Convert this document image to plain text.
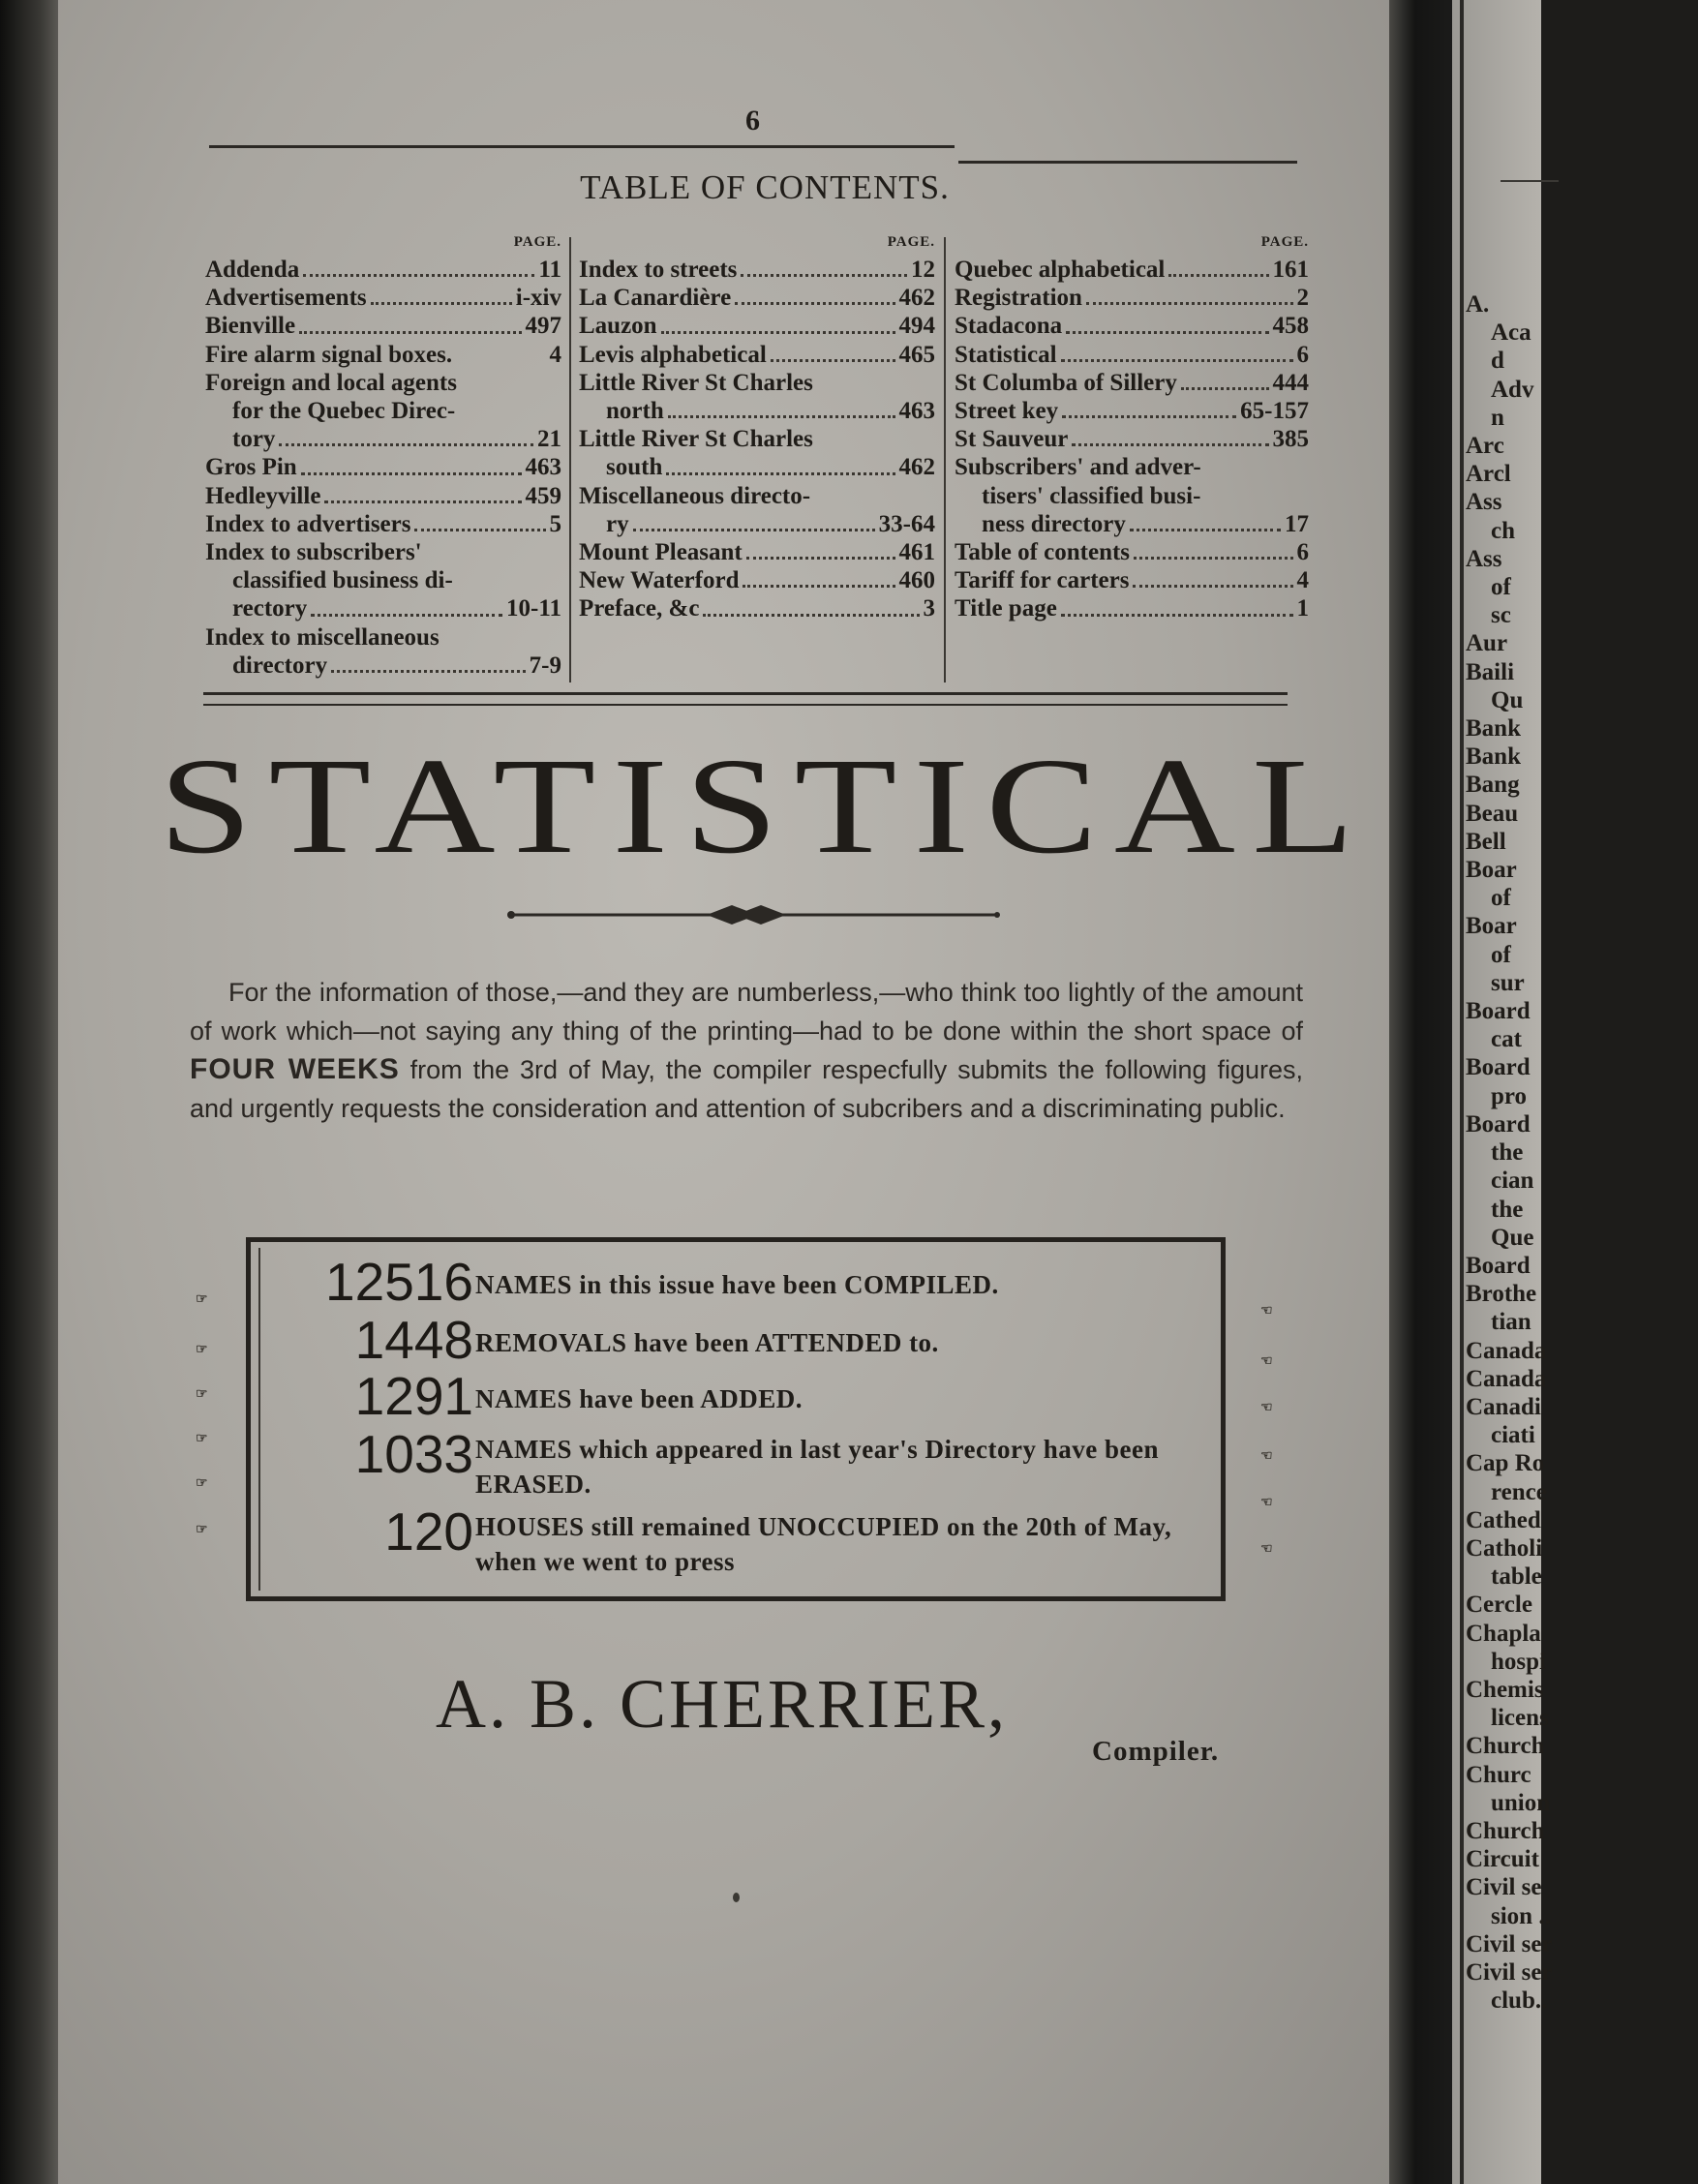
A.
Aca
d
Adv
n
Arc
Arcl
Ass
ch
Ass
of
sc
Aur
Baili
Qu
Bank
Bank
Bang
Beau
Bell
Boar
of
Boar
of
sur
Board
cat
Board
pro
Board
the
cian
the
Que
Board
Brothe
tian
Canada
Canada
Canadi
ciati
Cap Ro
rence
Cathed
Catholi
table
Cercle
Chapla
hospi
Chemis
licens
Church
Churc
union
Church
Circuit
Civil se
sion ..
Civil ser
Civil ser
club..
6
TABLE OF CONTENTS.
PAGE.
Addenda	11
Advertisements	i-xiv
Bienville	497
Fire alarm signal boxes.	4
Foreign and local agents
for the Quebec Direc-
tory	21
Gros Pin	463
Hedleyville	459
Index to advertisers	5
Index to subscribers'
classified business di-
rectory	10-11
Index to miscellaneous
directory	7-9
PAGE.
Index to streets	12
La Canardière	462
Lauzon	494
Levis alphabetical	465
Little River St Charles
north	463
Little River St Charles
south	462
Miscellaneous directo-
ry	33-64
Mount Pleasant	461
New Waterford	460
Preface, &c	3
PAGE.
Quebec alphabetical	161
Registration	2
Stadacona	458
Statistical	6
St Columba of Sillery	444
Street key	65-157
St Sauveur	385
Subscribers' and adver-
tisers' classified busi-
ness directory	17
Table of contents	6
Tariff for carters	4
Title page	1
STATISTICAL

For the information of those,—and they are numberless,—who think too lightly of the amount of work which—not saying any thing of the printing—had to be done within the short space of FOUR WEEKS from the 3rd of May, the compiler respecfully submits the following figures, and urgently requests the consideration and attention of subcribers and a discriminating public.

12516 NAMES in this issue have been COMPILED.
1448 REMOVALS have been ATTENDED to.
1291 NAMES have been ADDED.
1033 NAMES which appeared in last year's Directory have been ERASED.
120 HOUSES still remained UNOCCUPIED on the 20th of May, when we went to press
☞
☞
☞
☞
☞
☞
☜
☜
☜
☜
☜
☜
A. B. CHERRIER,
Compiler.
